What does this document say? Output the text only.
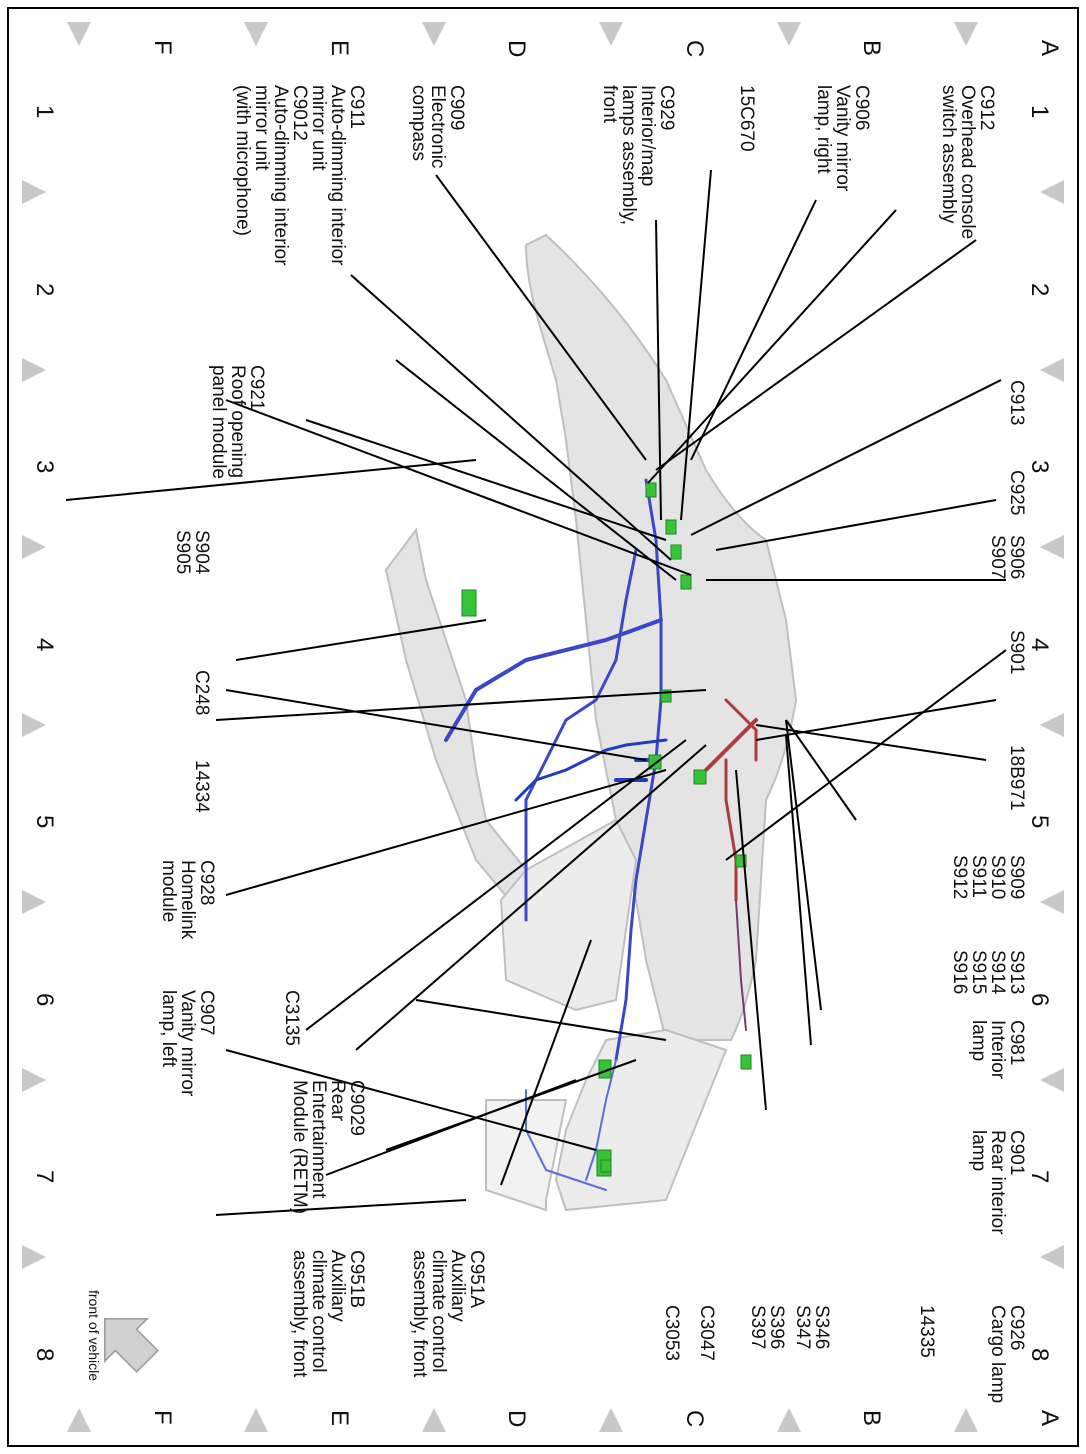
A
B
C
D
E
F
A
B
C
D
E
F
1
2
3
4
5
6
7
8
1
2
3
4
5
6
7
8
C912
Overhead console
switch assembly
C906
Vanity mirror
lamp, right
15C670
C929
Interior/map
lamps assembly,
front
C909
Electronic
compass
C911
Auto-dimming interior
mirror unit
C9012
Auto-dimming interior
mirror unit
(with microphone)
C921
Roof opening
panel module
S904
S905
C248
14334
C928
Homelink
module
C907
Vanity mirror
lamp, left
C3135
C9029
Rear
Entertainment
Module (RETM)
C951B
Auxiliary
climate control
assembly, front
C951A
Auxiliary
climate control
assembly, front	C3053 C3047	S396
S397	S346
S347	14335	C926
Cargo lamp
C901
Rear interior
lamp
C981
Interior
lamp
S913
S914
S915
S916
S909
S910
S911
S912
18B971
S901
S906
S907
C925
C913
front of vehicle
